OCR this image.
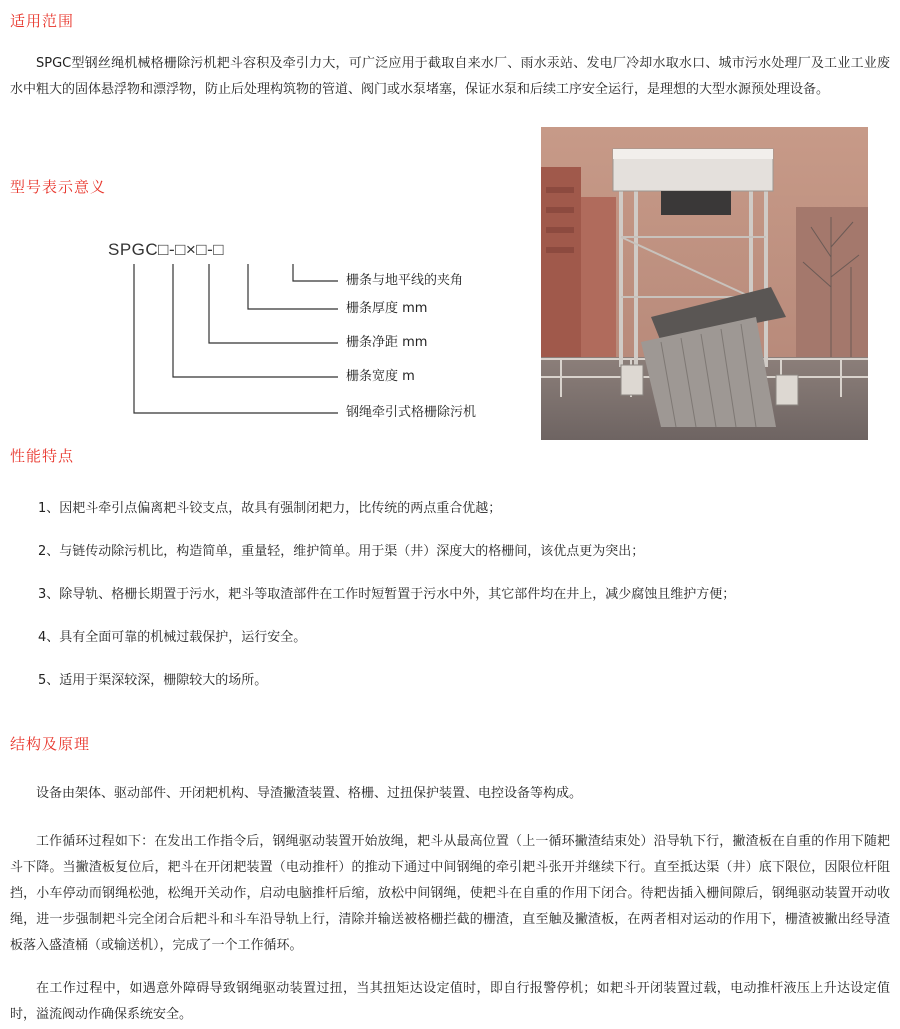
适用范围

SPGC型钢丝绳机械格栅除污机耙斗容积及牵引力大，可广泛应用于截取自来水厂、雨水汞站、发电厂冷却水取水口、城市污水处理厂及工业工业废水中粗大的固体悬浮物和漂浮物，防止后处理构筑物的管道、阀门或水泵堵塞，保证水泵和后续工序安全运行，是理想的大型水源预处理设备。

型号表示意义
SPGC□-□×□-□
栅条与地平线的夹角
栅条厚度 mm
栅条净距 mm
栅条宽度 m
钢绳牵引式格栅除污机
性能特点
1、因耙斗牵引点偏离耙斗铰支点，故具有强制闭耙力，比传统的两点重合优越；
2、与链传动除污机比，构造简单，重量轻，维护简单。用于渠（井）深度大的格栅间，该优点更为突出；
3、除导轨、格栅长期置于污水，耙斗等取渣部件在工作时短暂置于污水中外，其它部件均在井上，减少腐蚀且维护方便；
4、具有全面可靠的机械过载保护，运行安全。
5、适用于渠深较深，栅隙较大的场所。
结构及原理

设备由架体、驱动部件、开闭耙机构、导渣撇渣装置、格栅、过扭保护装置、电控设备等构成。

工作循环过程如下：在发出工作指令后，钢绳驱动装置开始放绳，耙斗从最高位置（上一循环撇渣结束处）沿导轨下行，撇渣板在自重的作用下随耙斗下降。当撇渣板复位后，耙斗在开闭耙装置（电动推杆）的推动下通过中间钢绳的牵引耙斗张开并继续下行。直至抵达渠（井）底下限位，因限位杆阻挡，小车停动而钢绳松弛，松绳开关动作，启动电脑推杆后缩，放松中间钢绳，使耙斗在自重的作用下闭合。待耙齿插入栅间隙后，钢绳驱动装置开动收绳，进一步强制耙斗完全闭合后耙斗和斗车沿导轨上行，清除并输送被格栅拦截的栅渣，直至触及撇渣板，在两者相对运动的作用下，栅渣被撇出经导渣板落入盛渣桶（或输送机），完成了一个工作循环。

在工作过程中，如遇意外障碍导致钢绳驱动装置过扭，当其扭矩达设定值时，即自行报警停机；如耙斗开闭装置过载，电动推杆液压上升达设定值时，溢流阀动作确保系统安全。
